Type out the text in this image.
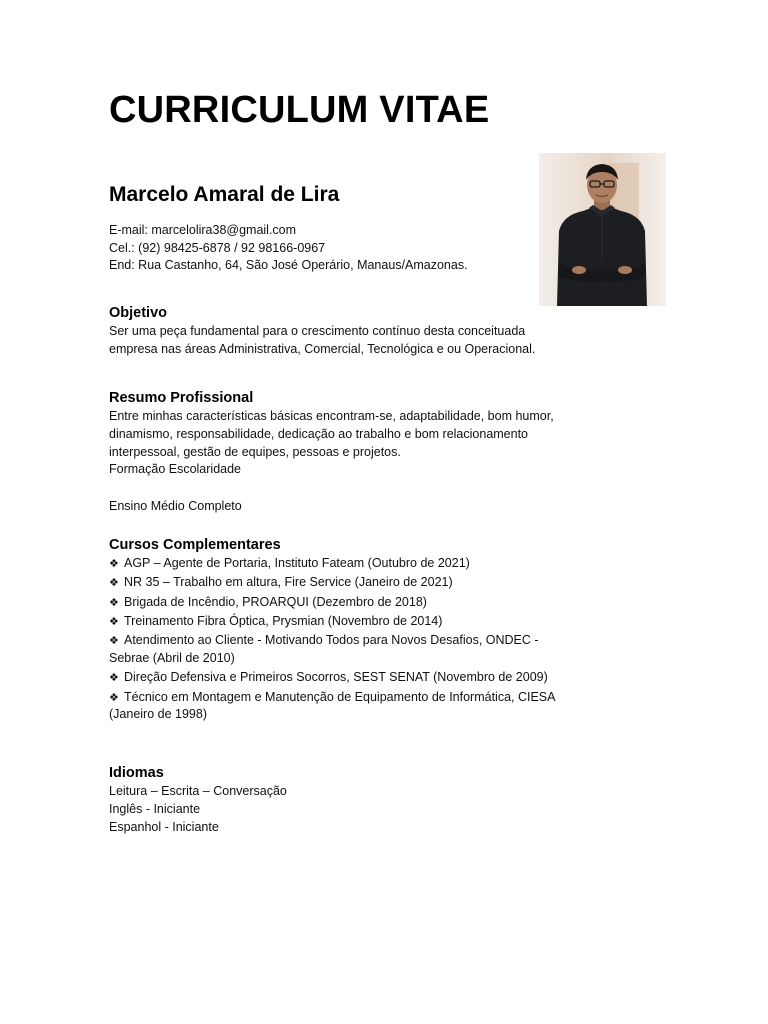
CURRICULUM VITAE
Marcelo Amaral de Lira
E-mail: marcelolira38@gmail.com
Cel.: (92) 98425-6878 / 92 98166-0967
End: Rua Castanho, 64, São José Operário, Manaus/Amazonas.
Objetivo

Ser uma peça fundamental para o crescimento contínuo desta conceituada

empresa nas áreas Administrativa, Comercial, Tecnológica e ou Operacional.

Resumo Profissional

Entre minhas características básicas encontram-se, adaptabilidade, bom humor,

dinamismo, responsabilidade, dedicação ao trabalho e bom relacionamento

interpessoal, gestão de equipes, pessoas e projetos.

Formação Escolaridade

Ensino Médio Completo

Cursos Complementares
❖ AGP – Agente de Portaria, Instituto Fateam (Outubro de 2021)
❖ NR 35 – Trabalho em altura, Fire Service (Janeiro de 2021)
❖ Brigada de Incêndio, PROARQUI (Dezembro de 2018)
❖ Treinamento Fibra Óptica, Prysmian (Novembro de 2014)
❖ Atendimento ao Cliente - Motivando Todos para Novos Desafios, ONDEC - Sebrae (Abril de 2010)
❖ Direção Defensiva e Primeiros Socorros, SEST SENAT (Novembro de 2009)
❖ Técnico em Montagem e Manutenção de Equipamento de Informática, CIESA (Janeiro de 1998)
Idiomas

Leitura – Escrita – Conversação

Inglês - Iniciante

Espanhol - Iniciante
